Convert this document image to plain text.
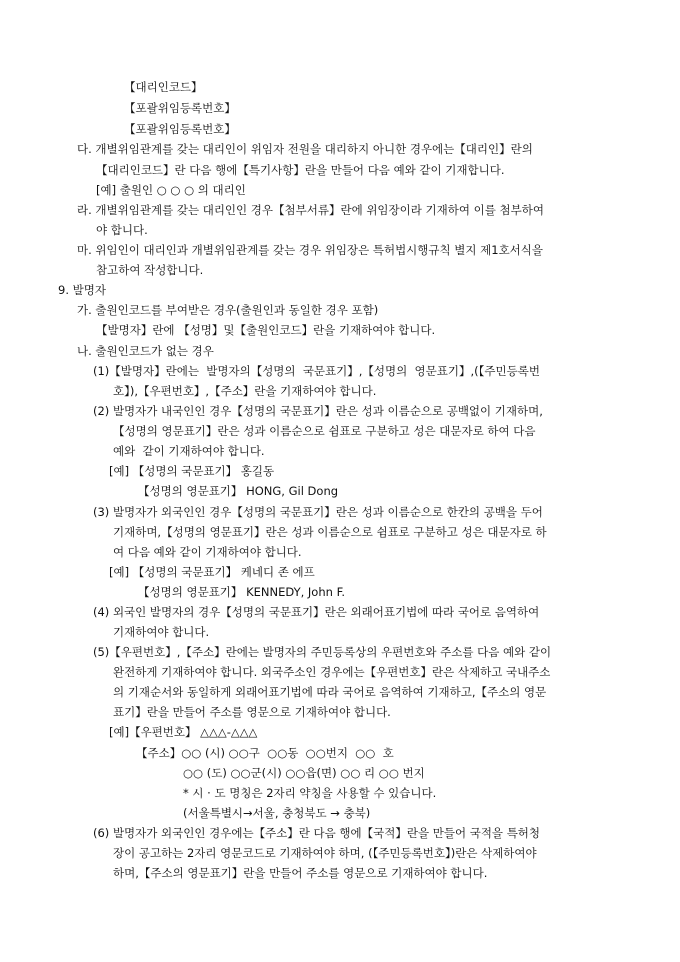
【대리인코드】
【포괄위임등록번호】
【포괄위임등록번호】
다. 개별위임관계를 갖는 대리인이 위임자 전원을 대리하지 아니한 경우에는【대리인】란의
【대리인코드】란 다음 행에【특기사항】란을 만들어 다음 예와 같이 기재합니다.
[예] 출원인 ○ ○ ○ 의 대리인
라. 개별위임관계를 갖는 대리인인 경우【첨부서류】란에 위임장이라 기재하여 이를 첨부하여
야 합니다.
마. 위임인이 대리인과 개별위임관계를 갖는 경우 위임장은 특허법시행규칙 별지 제1호서식을
참고하여 작성합니다.
9. 발명자
가. 출원인코드를 부여받은 경우(출원인과 동일한 경우 포함)
【발명자】란에 【성명】및【출원인코드】란을 기재하여야 합니다.
나. 출원인코드가 없는 경우
(1)【발명자】란에는  발명자의【성명의  국문표기】,【성명의  영문표기】,(【주민등록번
호】),【우편번호】,【주소】란을 기재하여야 합니다.
(2) 발명자가 내국인인 경우【성명의 국문표기】란은 성과 이름순으로 공백없이 기재하며,
【성명의 영문표기】란은 성과 이름순으로 쉼표로 구분하고 성은 대문자로 하여 다음
예와  같이 기재하여야 합니다.
[예] 【성명의 국문표기】 홍길동
【성명의 영문표기】 HONG, Gil Dong
(3) 발명자가 외국인인 경우【성명의 국문표기】란은 성과 이름순으로 한칸의 공백을 두어
기재하며,【성명의 영문표기】란은 성과 이름순으로 쉼표로 구분하고 성은 대문자로 하
여 다음 예와 같이 기재하여야 합니다.
[예] 【성명의 국문표기】 케네디 존 에프
【성명의 영문표기】 KENNEDY, John F.
(4) 외국인 발명자의 경우【성명의 국문표기】란은 외래어표기법에 따라 국어로 음역하여
기재하여야 합니다.
(5)【우편번호】,【주소】란에는 발명자의 주민등록상의 우편번호와 주소를 다음 예와 같이
완전하게 기재하여야 합니다. 외국주소인 경우에는【우편번호】란은 삭제하고 국내주소
의 기재순서와 동일하게 외래어표기법에 따라 국어로 음역하여 기재하고,【주소의 영문
표기】란을 만들어 주소를 영문으로 기재하여야 합니다.
[예]【우편번호】 △△△-△△△
【주소】○○ (시) ○○구  ○○동  ○○번지  ○○  호
○○ (도) ○○군(시) ○○읍(면) ○○ 리 ○○ 번지
* 시 · 도 명칭은 2자리 약칭을 사용할 수 있습니다.
(서울특별시→서울, 충청북도 → 충북)
(6) 발명자가 외국인인 경우에는【주소】란 다음 행에【국적】란을 만들어 국적을 특허청
장이 공고하는 2자리 영문코드로 기재하여야 하며, (【주민등록번호】)란은 삭제하여야
하며,【주소의 영문표기】란을 만들어 주소를 영문으로 기재하여야 합니다.
